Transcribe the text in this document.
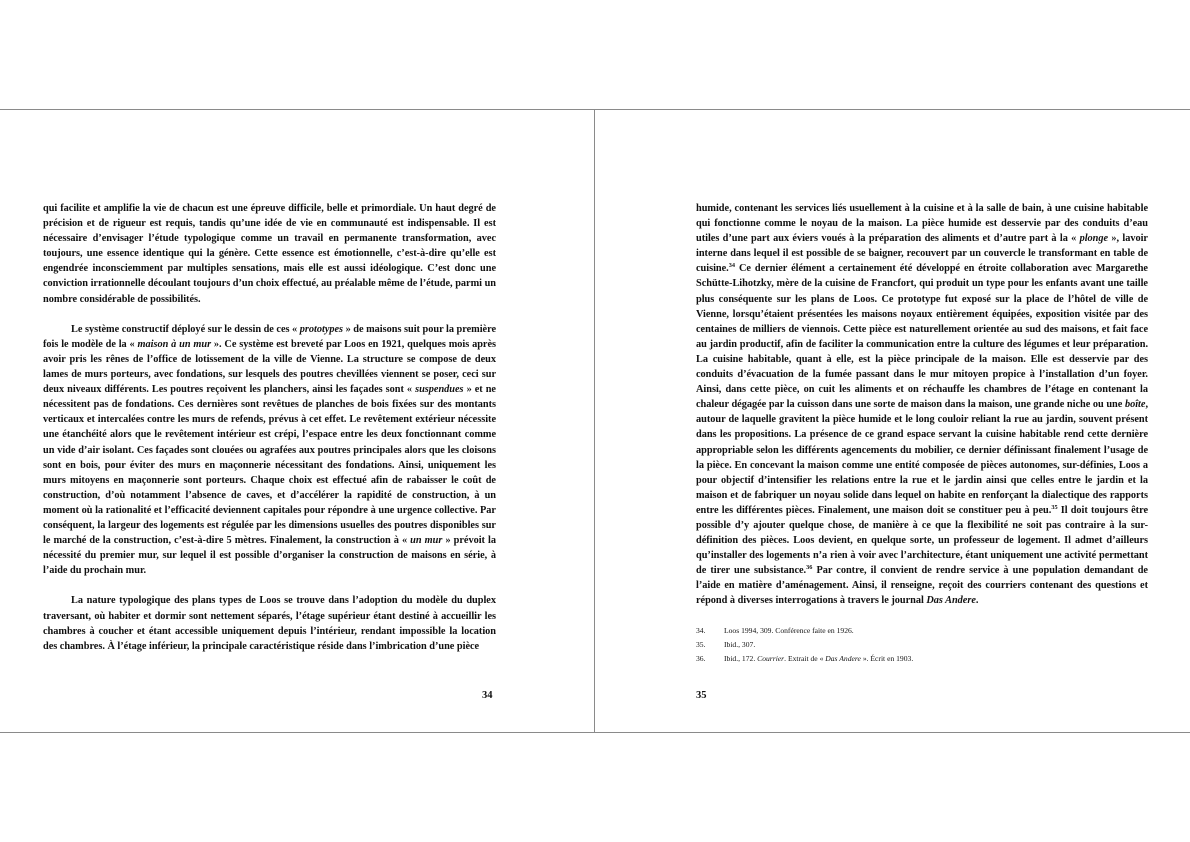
qui facilite et amplifie la vie de chacun est une épreuve difficile, belle et primordiale. Un haut degré de précision et de rigueur est requis, tandis qu’une idée de vie en communauté est indispensable. Il est nécessaire d’envisager l’étude typologique comme un travail en permanente transformation, avec toujours, une essence identique qui la génère. Cette essence est émotionnelle, c’est-à-dire qu’elle est engendrée inconsciemment par multiples sensations, mais elle est aussi idéologique. C’est donc une conviction irrationnelle découlant toujours d’un choix effectué, au préalable même de l’étude, parmi un nombre considérable de possibilités.

Le système constructif déployé sur le dessin de ces « prototypes » de maisons suit pour la première fois le modèle de la « maison à un mur ». Ce système est breveté par Loos en 1921, quelques mois après avoir pris les rênes de l’office de lotissement de la ville de Vienne. La structure se compose de deux lames de murs porteurs, avec fondations, sur lesquels des poutres chevillées viennent se poser, ceci sur deux niveaux différents. Les poutres reçoivent les planchers, ainsi les façades sont « suspendues » et ne nécessitent pas de fondations. Ces dernières sont revêtues de planches de bois fixées sur des montants verticaux et intercalées contre les murs de refends, prévus à cet effet. Le revêtement extérieur nécessite une étanchéité alors que le revêtement intérieur est crépi, l’espace entre les deux fonctionnant comme un vide d’air isolant. Ces façades sont clouées ou agrafées aux poutres principales alors que les cloisons sont en bois, pour éviter des murs en maçonnerie nécessitant des fondations. Ainsi, uniquement les murs mitoyens en maçonnerie sont porteurs. Chaque choix est effectué afin de rabaisser le coût de construction, d’où notamment l’absence de caves, et d’accélérer la rapidité de construction, à un moment où la rationalité et l’efficacité deviennent capitales pour répondre à une urgence collective. Par conséquent, la largeur des logements est régulée par les dimensions usuelles des poutres disponibles sur le marché de la construction, c’est-à-dire 5 mètres. Finalement, la construction à « un mur » prévoit la nécessité du premier mur, sur lequel il est possible d’organiser la construction de maisons en série, à l’aide du prochain mur.

La nature typologique des plans types de Loos se trouve dans l’adoption du modèle du duplex traversant, où habiter et dormir sont nettement séparés, l’étage supérieur étant destiné à accueillir les chambres à coucher et étant accessible uniquement depuis l’intérieur, rendant impossible la location des chambres. À l’étage inférieur, la principale caractéristique réside dans l’imbrication d’une pièce

34

humide, contenant les services liés usuellement à la cuisine et à la salle de bain, à une cuisine habitable qui fonctionne comme le noyau de la maison. La pièce humide est desservie par des conduits d’eau utiles d’une part aux éviers voués à la préparation des aliments et d’autre part à la « plonge », lavoir interne dans lequel il est possible de se baigner, recouvert par un couvercle le transformant en table de cuisine.$^{34}$ Ce dernier élément a certainement été développé en étroite collaboration avec Margarethe Schütte-Lihotzky, mère de la cuisine de Francfort, qui produit un type pour les enfants avant une taille plus conséquente sur les plans de Loos. Ce prototype fut exposé sur la place de l’hôtel de ville de Vienne, lorsqu’étaient présentées les maisons noyaux entièrement équipées, exposition visitée par des centaines de milliers de viennois. Cette pièce est naturellement orientée au sud des maisons, et fait face au jardin productif, afin de faciliter la communication entre la culture des légumes et leur préparation. La cuisine habitable, quant à elle, est la pièce principale de la maison. Elle est desservie par des conduits d’évacuation de la fumée passant dans le mur mitoyen propice à l’installation d’un foyer. Ainsi, dans cette pièce, on cuit les aliments et on réchauffe les chambres de l’étage en contenant la chaleur dégagée par la cuisson dans une sorte de maison dans la maison, une grande niche ou une boîte, autour de laquelle gravitent la pièce humide et le long couloir reliant la rue au jardin, souvent présent dans les propositions. La présence de ce grand espace servant la cuisine habitable rend cette dernière appropriable selon les différents agencements du mobilier, ce dernier définissant finalement l’usage de la pièce. En concevant la maison comme une entité composée de pièces autonomes, sur-définies, Loos a pour objectif d’intensifier les relations entre la rue et le jardin ainsi que celles entre le jardin et la maison et de fabriquer un noyau solide dans lequel on habite en renforçant la dialectique des rapports entre les différentes pièces. Finalement, une maison doit se constituer peu à peu.$^{35}$ Il doit toujours être possible d’y ajouter quelque chose, de manière à ce que la flexibilité ne soit pas contraire à la sur-définition des pièces. Loos devient, en quelque sorte, un professeur de logement. Il admet d’ailleurs qu’installer des logements n’a rien à voir avec l’architecture, étant uniquement une activité permettant de tirer une subsistance.$^{36}$ Par contre, il convient de rendre service à une population demandant de l’aide en matière d’aménagement. Ainsi, il renseigne, reçoit des courriers contenant des questions et répond à diverses interrogations à travers le journal Das Andere.

34.	Loos 1994, 309. Conférence faite en 1926.
35.	Ibid., 307.
36.	Ibid., 172. Courrier. Extrait de « Das Andere ». Écrit en 1903.
35
